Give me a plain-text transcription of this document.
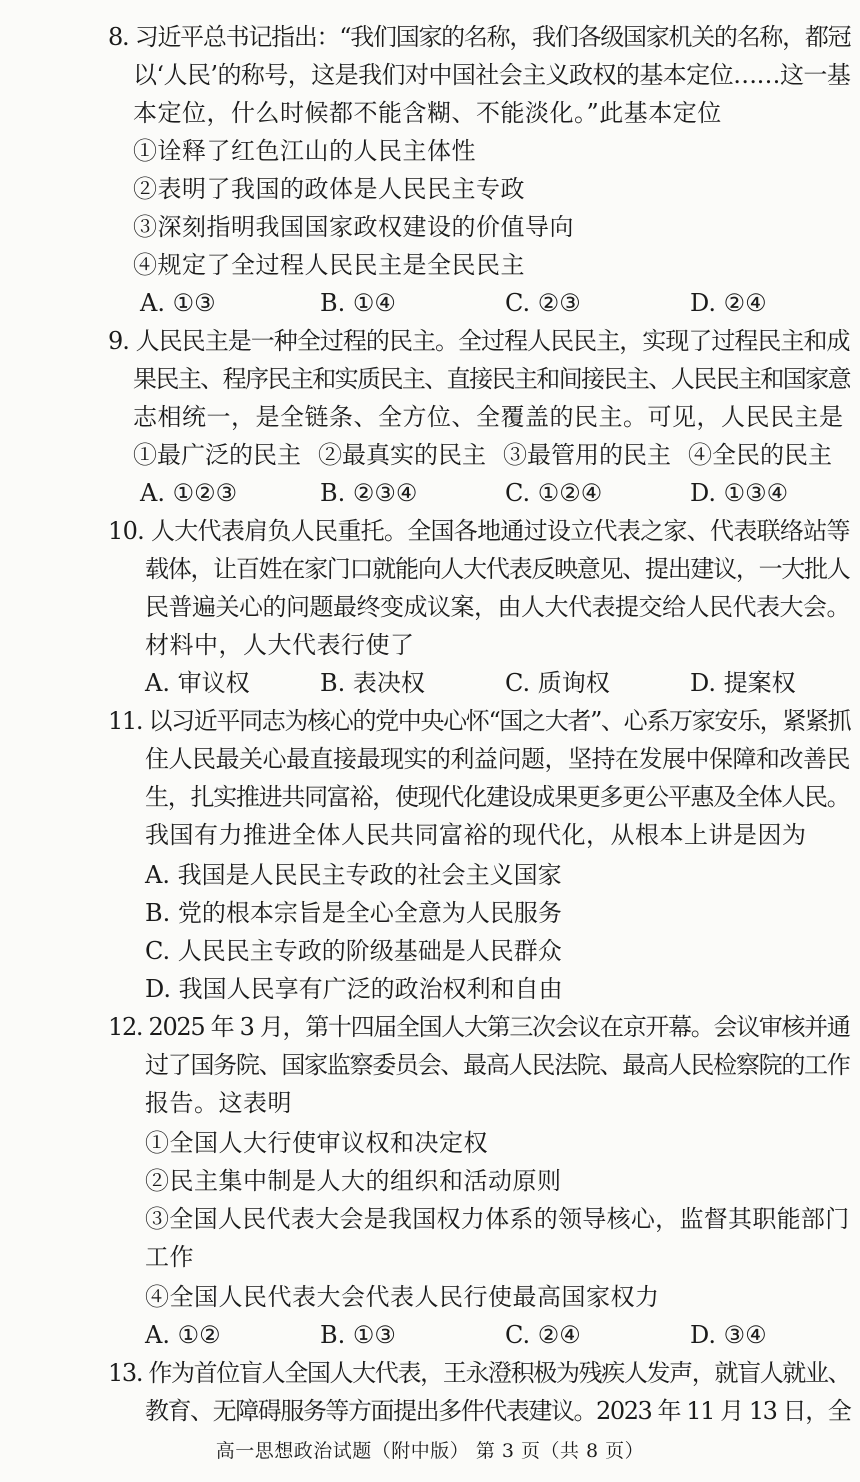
8. 习近平总书记指出：“我们国家的名称，我们各级国家机关的名称，都冠
以‘人民’的称号，这是我们对中国社会主义政权的基本定位……这一基
本定位，什么时候都不能含糊、不能淡化。”此基本定位
①诠释了红色江山的人民主体性
②表明了我国的政体是人民民主专政
③深刻指明我国国家政权建设的价值导向
④规定了全过程人民民主是全民民主
A. ①③	B. ①④	C. ②③	D. ②④
9. 人民民主是一种全过程的民主。全过程人民民主，实现了过程民主和成
果民主、程序民主和实质民主、直接民主和间接民主、人民民主和国家意
志相统一，是全链条、全方位、全覆盖的民主。可见，人民民主是
①最广泛的民主 ②最真实的民主 ③最管用的民主 ④全民的民主
A. ①②③	B. ②③④	C. ①②④	D. ①③④
10. 人大代表肩负人民重托。全国各地通过设立代表之家、代表联络站等
载体，让百姓在家门口就能向人大代表反映意见、提出建议，一大批人
民普遍关心的问题最终变成议案，由人大代表提交给人民代表大会。
材料中，人大代表行使了
A. 审议权	B. 表决权	C. 质询权	D. 提案权
11. 以习近平同志为核心的党中央心怀“国之大者”、心系万家安乐，紧紧抓
住人民最关心最直接最现实的利益问题，坚持在发展中保障和改善民
生，扎实推进共同富裕，使现代化建设成果更多更公平惠及全体人民。
我国有力推进全体人民共同富裕的现代化，从根本上讲是因为
A. 我国是人民民主专政的社会主义国家
B. 党的根本宗旨是全心全意为人民服务
C. 人民民主专政的阶级基础是人民群众
D. 我国人民享有广泛的政治权利和自由
12. 2025 年 3 月，第十四届全国人大第三次会议在京开幕。会议审核并通
过了国务院、国家监察委员会、最高人民法院、最高人民检察院的工作
报告。这表明
①全国人大行使审议权和决定权
②民主集中制是人大的组织和活动原则
③全国人民代表大会是我国权力体系的领导核心，监督其职能部门
工作
④全国人民代表大会代表人民行使最高国家权力
A. ①②	B. ①③	C. ②④	D. ③④
13. 作为首位盲人全国人大代表，王永澄积极为残疾人发声，就盲人就业、
教育、无障碍服务等方面提出多件代表建议。2023 年 11 月 13 日，全
高一思想政治试题（附中版） 第 3 页（共 8 页）
